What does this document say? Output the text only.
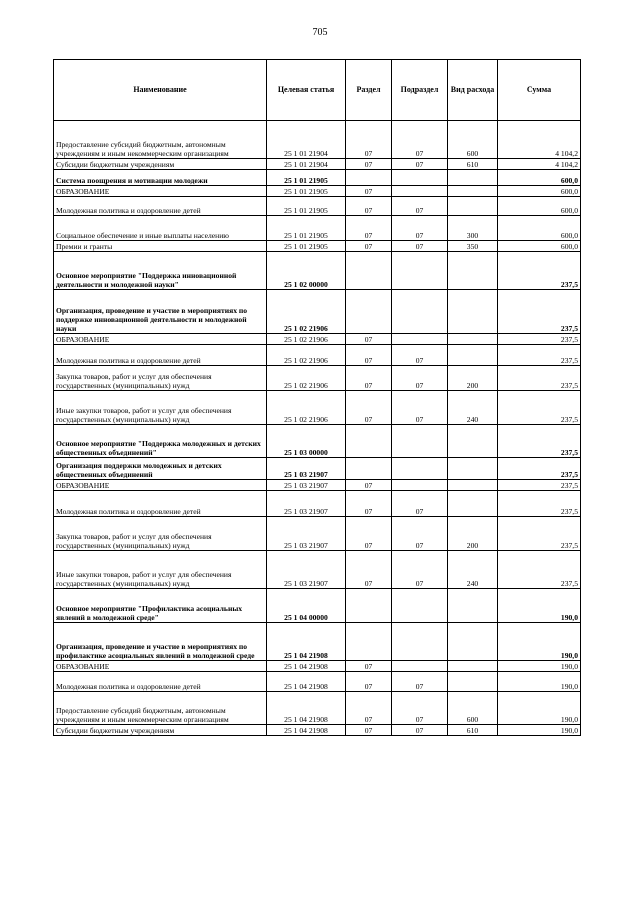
705
Наименование	Целевая статья	Раздел	Подраздел	Вид расхода	Сумма
Предоставление субсидий бюджетным, автономным учреждениям и иным некоммерческим организациям	25 1 01 21904	07	07	600	4 104,2
Субсидии бюджетным учреждениям	25 1 01 21904	07	07	610	4 104,2
Система поощрения и мотивации молодежи	25 1 01 21905				600,0
ОБРАЗОВАНИЕ	25 1 01 21905	07			600,0
Молодежная политика и оздоровление детей	25 1 01 21905	07	07		600,0
Социальное обеспечение и иные выплаты населению	25 1 01 21905	07	07	300	600,0
Премии и гранты	25 1 01 21905	07	07	350	600,0
Основное мероприятие "Поддержка инновационной деятельности и молодежной науки"	25 1 02 00000				237,5
Организация, проведение и участие в мероприятиях по поддержке инновационной деятельности и молодежной науки	25 1 02 21906				237,5
ОБРАЗОВАНИЕ	25 1 02 21906	07			237,5
Молодежная политика и оздоровление детей	25 1 02 21906	07	07		237,5
Закупка товаров, работ и услуг для обеспечения государственных (муниципальных) нужд	25 1 02 21906	07	07	200	237,5
Иные закупки товаров, работ и услуг для обеспечения государственных (муниципальных) нужд	25 1 02 21906	07	07	240	237,5
Основное мероприятие "Поддержка молодежных и детских общественных объединений"	25 1 03 00000				237,5
Организация поддержки молодежных и детских общественных объединений	25 1 03 21907				237,5
ОБРАЗОВАНИЕ	25 1 03 21907	07			237,5
Молодежная политика и оздоровление детей	25 1 03 21907	07	07		237,5
Закупка товаров, работ и услуг для обеспечения государственных (муниципальных) нужд	25 1 03 21907	07	07	200	237,5
Иные закупки товаров, работ и услуг для обеспечения государственных (муниципальных) нужд	25 1 03 21907	07	07	240	237,5
Основное мероприятие "Профилактика асоциальных явлений в молодежной среде"	25 1 04 00000				190,0
Организация, проведение и участие в мероприятиях по профилактике асоциальных явлений в молодежной среде	25 1 04 21908				190,0
ОБРАЗОВАНИЕ	25 1 04 21908	07			190,0
Молодежная политика и оздоровление детей	25 1 04 21908	07	07		190,0
Предоставление субсидий бюджетным, автономным учреждениям и иным некоммерческим организациям	25 1 04 21908	07	07	600	190,0
Субсидии бюджетным учреждениям	25 1 04 21908	07	07	610	190,0
